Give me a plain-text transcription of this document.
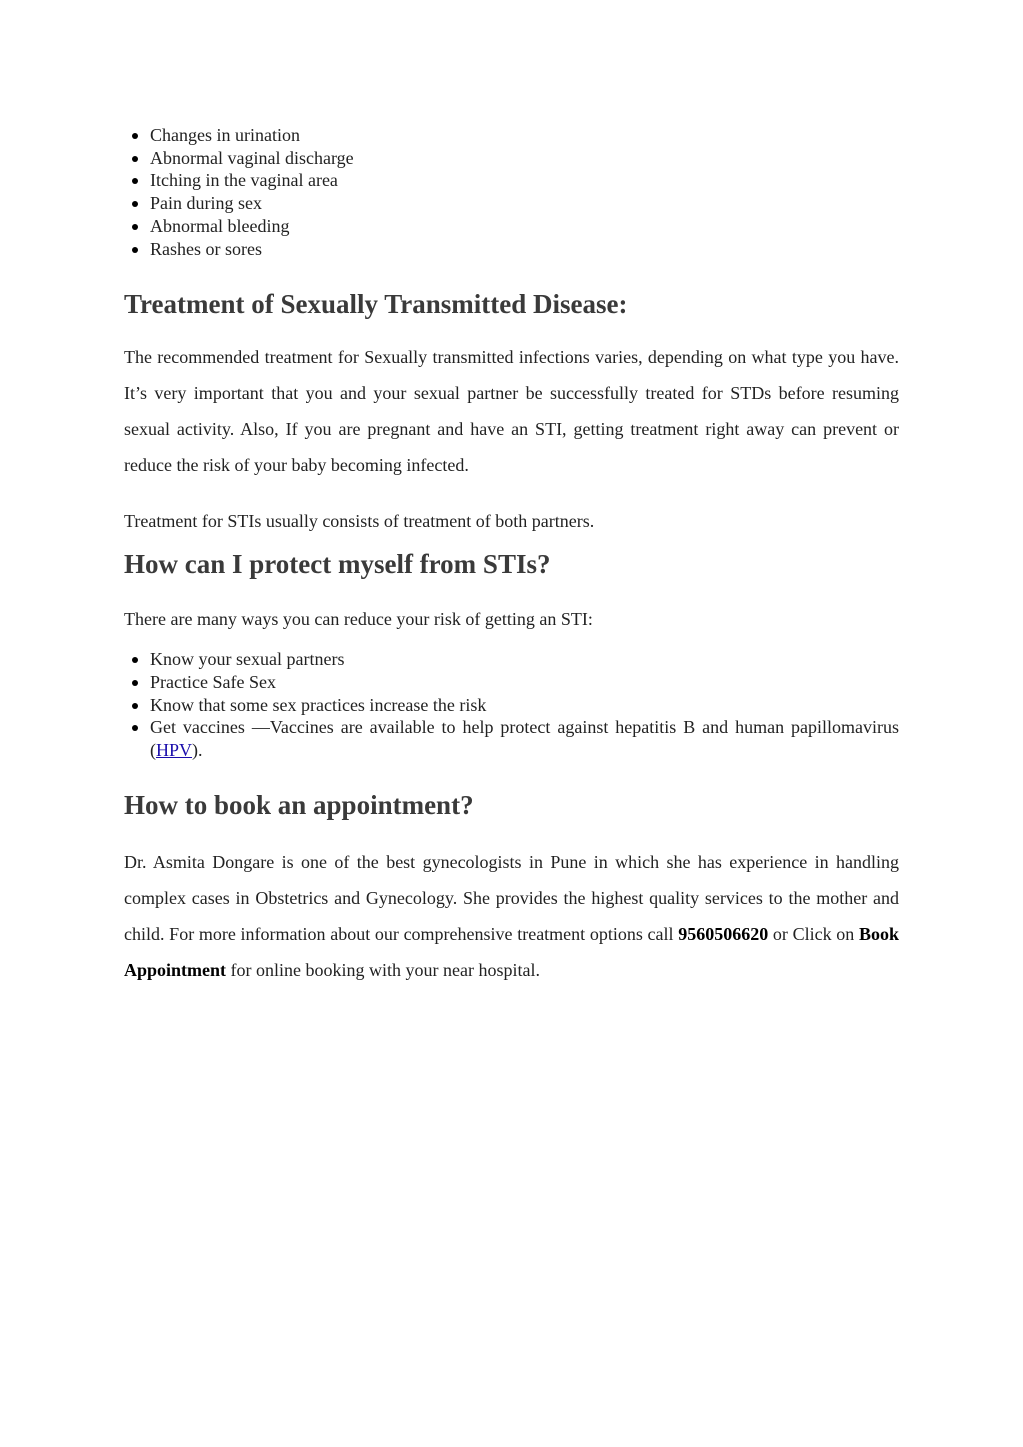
Changes in urination
Abnormal vaginal discharge
Itching in the vaginal area
Pain during sex
Abnormal bleeding
Rashes or sores
Treatment of Sexually Transmitted Disease:

The recommended treatment for Sexually transmitted infections varies, depending on what type you have. It’s very important that you and your sexual partner be successfully treated for STDs before resuming sexual activity. Also, If you are pregnant and have an STI, getting treatment right away can prevent or reduce the risk of your baby becoming infected.

Treatment for STIs usually consists of treatment of both partners.

How can I protect myself from STIs?

There are many ways you can reduce your risk of getting an STI:

Know your sexual partners
Practice Safe Sex
Know that some sex practices increase the risk
Get vaccines —Vaccines are available to help protect against hepatitis B and human papillomavirus (HPV).
How to book an appointment?

Dr. Asmita Dongare is one of the best gynecologists in Pune in which she has experience in handling complex cases in Obstetrics and Gynecology. She provides the highest quality services to the mother and child. For more information about our comprehensive treatment options call 9560506620 or Click on Book Appointment for online booking with your near hospital.
